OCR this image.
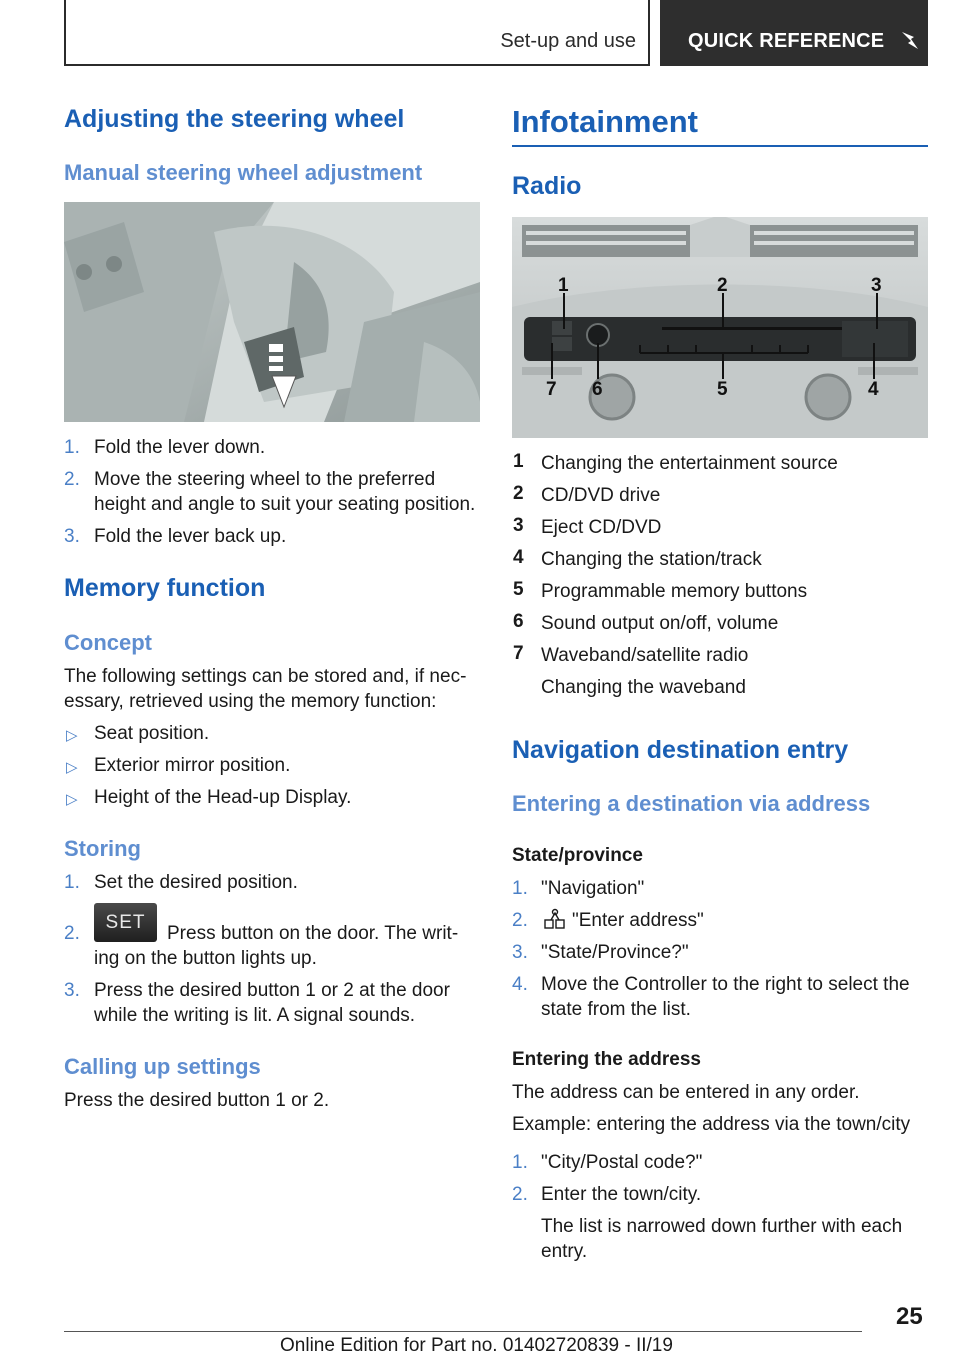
Set-up and use	QUICK REFERENCE
Adjusting the steering wheel
Manual steering wheel adjustment
1. Fold the lever down.
2. Move the steering wheel to the preferred
height and angle to suit your seating position.
3. Fold the lever back up.
Memory function
Concept
The following settings can be stored and, if nec-
essary, retrieved using the memory function:
▷ Seat position.
▷ Exterior mirror position.
▷ Height of the Head-up Display.
Storing
1. Set the desired position.
2.
SET
Press button on the door. The writ-
ing on the button lights up.
3. Press the desired button 1 or 2 at the door
while the writing is lit. A signal sounds.
Calling up settings
Press the desired button 1 or 2.
Infotainment
Radio
1	2	3
7 6	5	4
1 Changing the entertainment source
2 CD/DVD drive
3 Eject CD/DVD
4 Changing the station/track
5 Programmable memory buttons
6 Sound output on/off, volume
7 Waveband/satellite radio
Changing the waveband
Navigation destination entry
Entering a destination via address
State/province
1. "Navigation"
2. "Enter address"
3. "State/Province?"
4. Move the Controller to the right to select the
state from the list.
Entering the address
The address can be entered in any order.
Example: entering the address via the town/city
1. "City/Postal code?"
2. Enter the town/city.
The list is narrowed down further with each
entry.
25
Online Edition for Part no. 01402720839 - II/19
